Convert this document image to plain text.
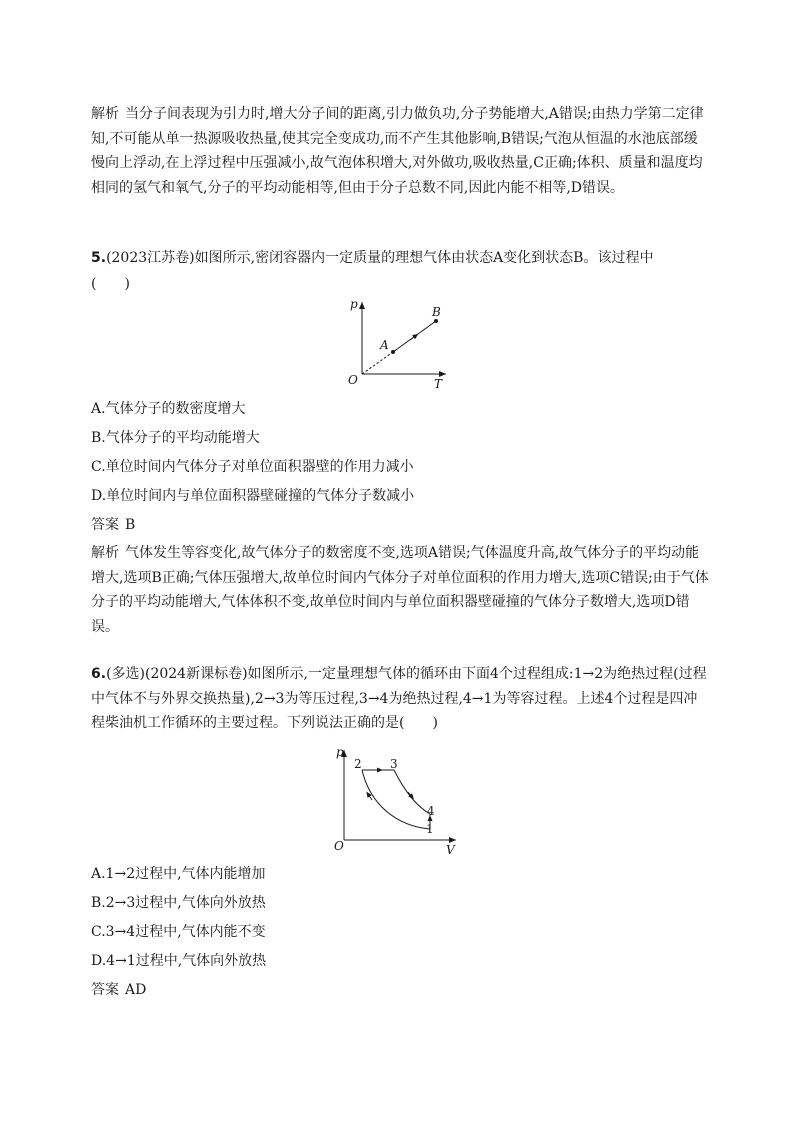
解析 当分子间表现为引力时,增大分子间的距离,引力做负功,分子势能增大,A错误;由热力学第二定律知,不可能从单一热源吸收热量,使其完全变成功,而不产生其他影响,B错误;气泡从恒温的水池底部缓慢向上浮动,在上浮过程中压强减小,故气泡体积增大,对外做功,吸收热量,C正确;体积、质量和温度均相同的氢气和氧气,分子的平均动能相等,但由于分子总数不同,因此内能不相等,D错误。

5.(2023江苏卷)如图所示,密闭容器内一定质量的理想气体由状态A变化到状态B。该过程中

(　　)

p
T
O
A
B

A.气体分子的数密度增大

B.气体分子的平均动能增大

C.单位时间内气体分子对单位面积器壁的作用力减小

D.单位时间内与单位面积器壁碰撞的气体分子数减小

答案 B

解析 气体发生等容变化,故气体分子的数密度不变,选项A错误;气体温度升高,故气体分子的平均动能增大,选项B正确;气体压强增大,故单位时间内气体分子对单位面积的作用力增大,选项C错误;由于气体分子的平均动能增大,气体体积不变,故单位时间内与单位面积器壁碰撞的气体分子数增大,选项D错误。

6.(多选)(2024新课标卷)如图所示,一定量理想气体的循环由下面4个过程组成:1→2为绝热过程(过程中气体不与外界交换热量),2→3为等压过程,3→4为绝热过程,4→1为等容过程。上述4个过程是四冲程柴油机工作循环的主要过程。下列说法正确的是(　　)

p
V
O
2 3
4
1

A.1→2过程中,气体内能增加

B.2→3过程中,气体向外放热

C.3→4过程中,气体内能不变

D.4→1过程中,气体向外放热

答案 AD
